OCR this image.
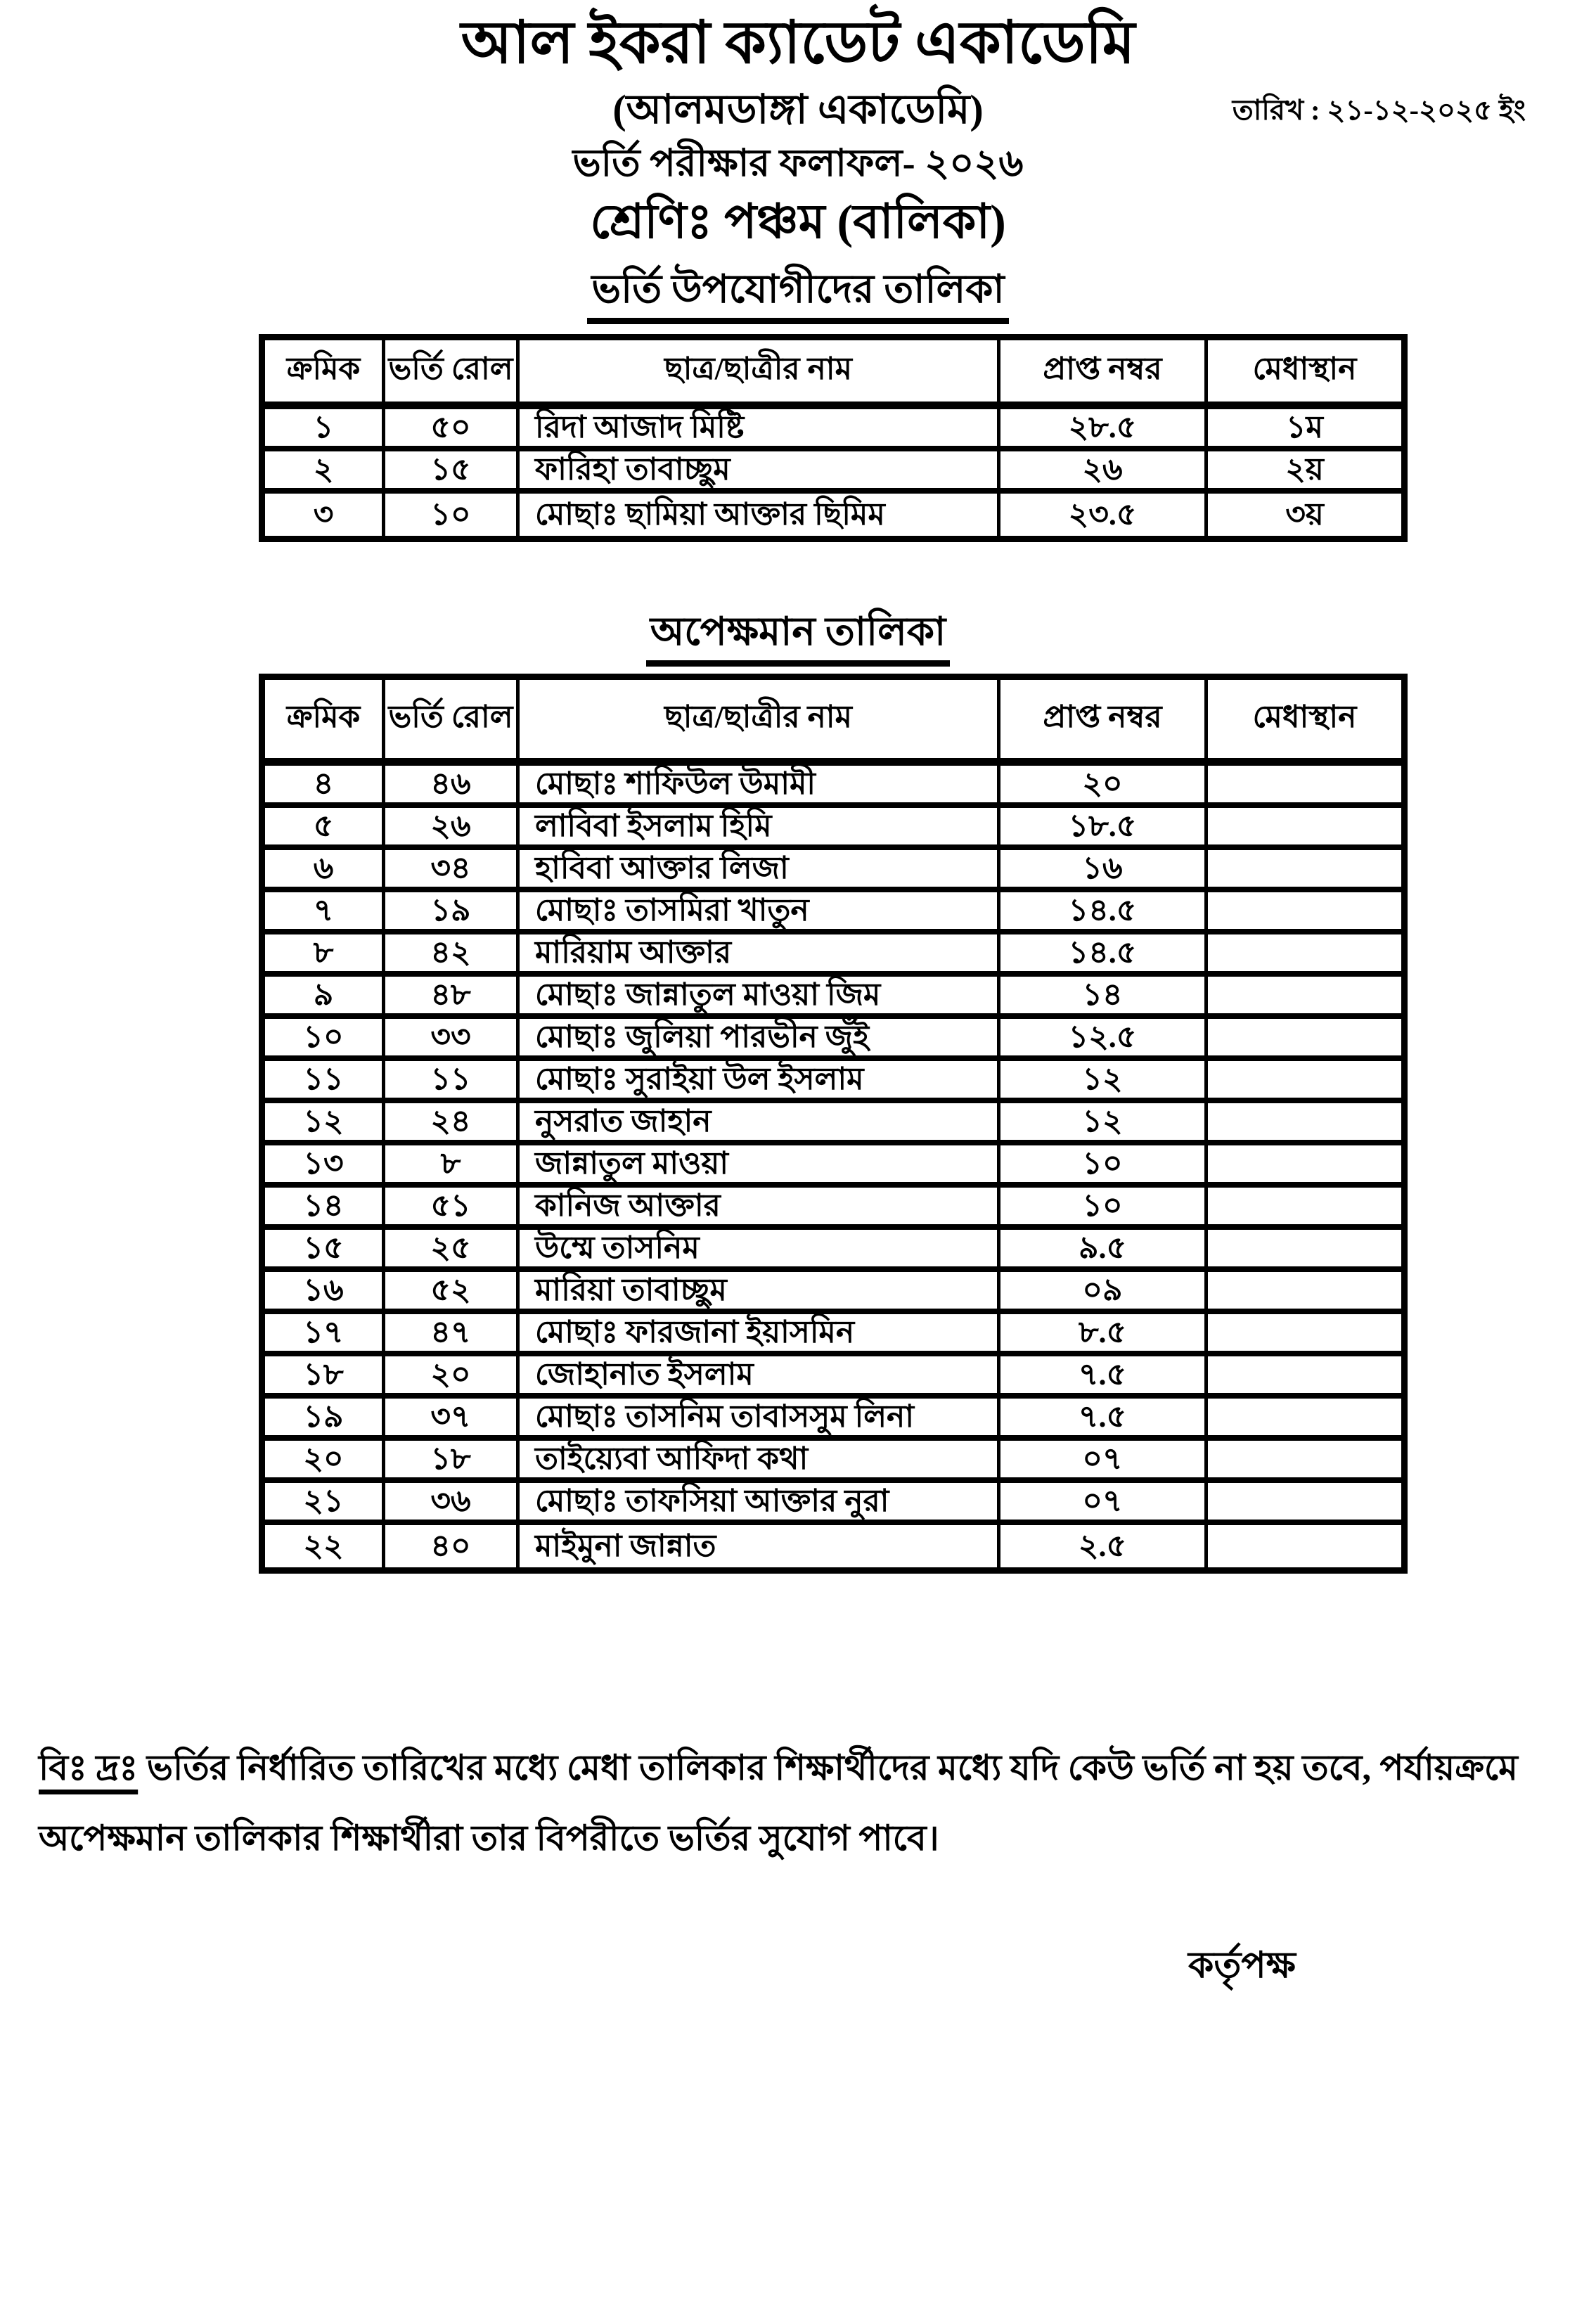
আল ইকরা ক্যাডেট একাডেমি
(আলমডাঙ্গা একাডেমি)	তারিখ : ২১-১২-২০২৫ ইং
ভর্তি পরীক্ষার ফলাফল- ২০২৬
শ্রেণিঃ পঞ্চম (বালিকা)
ভর্তি উপযোগীদের তালিকা
ক্রমিক	ভর্তি রোল	ছাত্র/ছাত্রীর নাম	প্রাপ্ত নম্বর	মেধাস্থান
১	৫০	রিদা আজাদ মিষ্টি	২৮.৫	১ম
২	১৫	ফারিহা তাবাচ্ছুম	২৬	২য়
৩	১০	মোছাঃ ছামিয়া আক্তার ছিমিম	২৩.৫	৩য়
অপেক্ষমান তালিকা
ক্রমিক	ভর্তি রোল	ছাত্র/ছাত্রীর নাম	প্রাপ্ত নম্বর	মেধাস্থান
৪	৪৬	মোছাঃ শাফিউল উমামী	২০	
৫	২৬	লাবিবা ইসলাম হিমি	১৮.৫	
৬	৩৪	হাবিবা আক্তার লিজা	১৬	
৭	১৯	মোছাঃ তাসমিরা খাতুন	১৪.৫	
৮	৪২	মারিয়াম আক্তার	১৪.৫	
৯	৪৮	মোছাঃ জান্নাতুল মাওয়া জিম	১৪	
১০	৩৩	মোছাঃ জুলিয়া পারভীন জুঁই	১২.৫	
১১	১১	মোছাঃ সুরাইয়া উল ইসলাম	১২	
১২	২৪	নুসরাত জাহান	১২	
১৩	৮	জান্নাতুল মাওয়া	১০	
১৪	৫১	কানিজ আক্তার	১০	
১৫	২৫	উম্মে তাসনিম	৯.৫	
১৬	৫২	মারিয়া তাবাচ্ছুম	০৯	
১৭	৪৭	মোছাঃ ফারজানা ইয়াসমিন	৮.৫	
১৮	২০	জোহানাত ইসলাম	৭.৫	
১৯	৩৭	মোছাঃ তাসনিম তাবাসসুম লিনা	৭.৫	
২০	১৮	তাইয়্যেবা আফিদা কথা	০৭	
২১	৩৬	মোছাঃ তাফসিয়া আক্তার নুরা	০৭	
২২	৪০	মাইমুনা জান্নাত	২.৫	
বিঃ দ্রঃ ভর্তির নির্ধারিত তারিখের মধ্যে মেধা তালিকার শিক্ষার্থীদের মধ্যে যদি কেউ ভর্তি না হয় তবে, পর্যায়ক্রমে অপেক্ষমান তালিকার শিক্ষার্থীরা তার বিপরীতে ভর্তির সুযোগ পাবে।
কর্তৃপক্ষ
